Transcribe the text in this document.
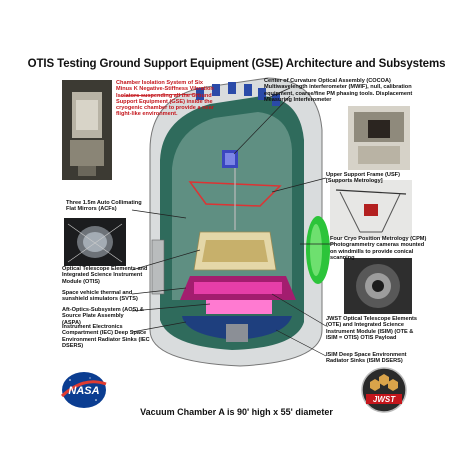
OTIS Testing Ground Support Equipment (GSE) Architecture and Subsystems
Chamber Isolation System of Six Minus K Negative-Stiffness Vibration Isolators suspending all the Ground Support Equipment (GSE) inside the cryogenic chamber to provide a near flight-like environment.
Center of Curvature Optical Assembly (COCOA) Multiwavelength interferometer (MWIF), null, calibration equipment, coarse/fine PM phasing tools. Displacement Measuring Interferometer
Upper Support Frame (USF) [Supports Metrology]
Three 1.5m Auto Collimating Flat Mirrors (ACFs)
Four Cryo Position Metrology (CPM) Photogrammetry cameras mounted on windmills to provide conical scanning
Optical Telescope Elements and Integrated Science Instrument Module (OTIS)
Space vehicle thermal and sunshield simulators (SVTS)
Aft-Optics-Subsystem (AOS) & Source Plate Assembly (ASPA)
Instrument Electronics Compartment (IEC) Deep Space Environment Radiator Sinks (IEC DSERS)
JWST Optical Telescope Elements (OTE) and Integrated Science Instrument Module (ISIM) (OTE & ISIM = OTIS) OTIS Payload
ISIM Deep Space Environment Radiator Sinks (ISIM DSERS)
Vacuum Chamber A is 90' high x 55' diameter
NASA
JWST
